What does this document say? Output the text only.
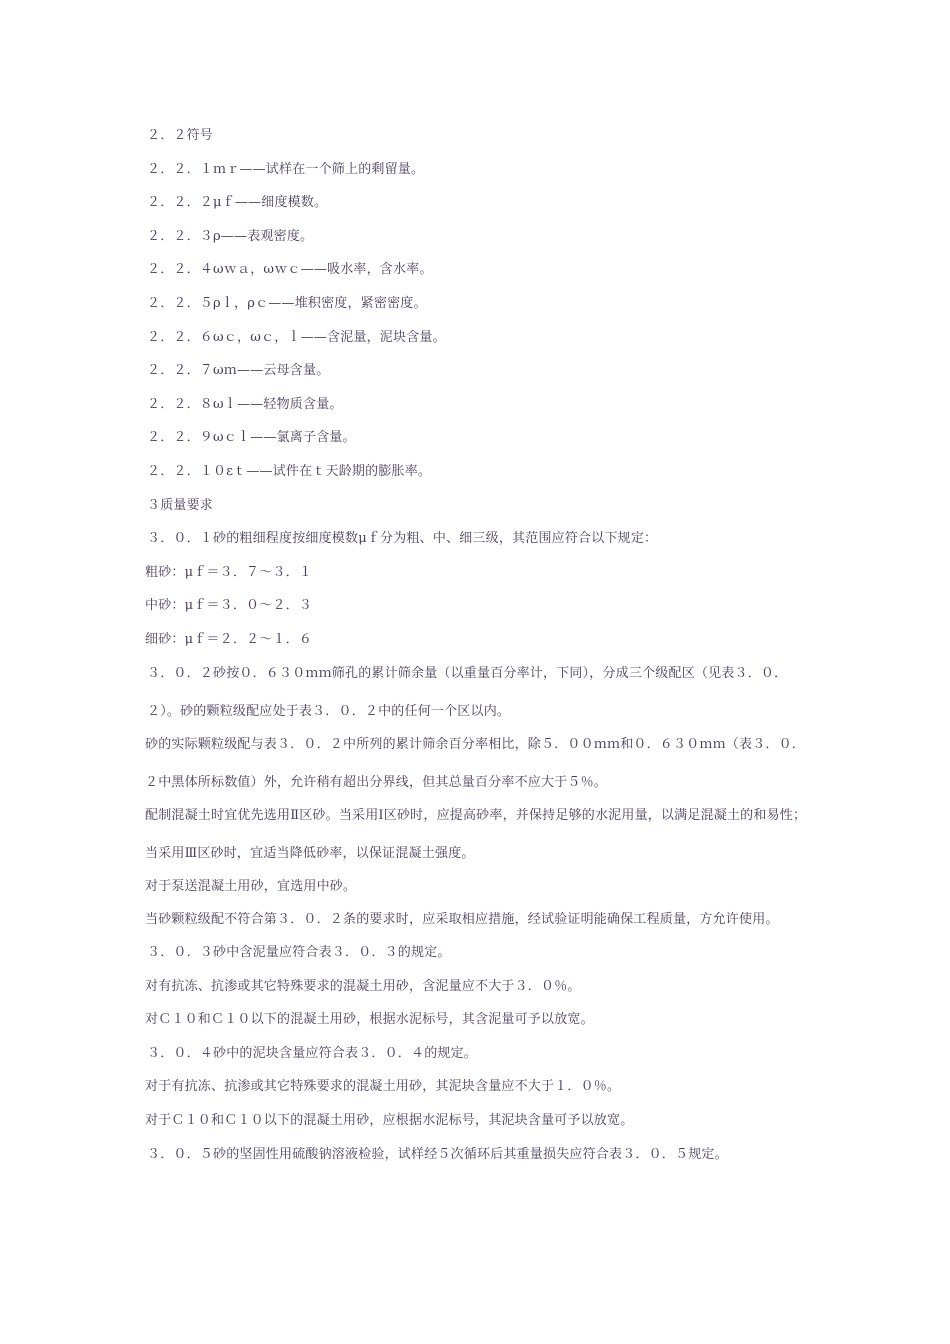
２．２符号

２．２．１ｍｒ——试样在一个筛上的剩留量。

２．２．２μｆ——细度模数。

２．２．３ρ——表观密度。

２．２．４ωｗａ，ωｗｃ——吸水率，含水率。

２．２．５ρｌ，ρｃ——堆积密度，紧密密度。

２．２．６ωｃ，ωｃ，ｌ——含泥量，泥块含量。

２．２．７ωｍ——云母含量。

２．２．８ωｌ——轻物质含量。

２．２．９ωｃｌ——氯离子含量。

２．２．１０εｔ——试件在ｔ天龄期的膨胀率。

３质量要求

３．０．１砂的粗细程度按细度模数μｆ分为粗、中、细三级，其范围应符合以下规定：

粗砂：μｆ＝３．７～３．１

中砂：μｆ＝３．０～２．３

细砂：μｆ＝２．２～１．６

３．０．２砂按０．６３０ｍｍ筛孔的累计筛余量（以重量百分率计，下同），分成三个级配区（见表３．０．２）。砂的颗粒级配应处于表３．０．２中的任何一个区以内。

砂的实际颗粒级配与表３．０．２中所列的累计筛余百分率相比，除５．００ｍｍ和０．６３０ｍｍ（表３．０．２中黑体所标数值）外，允许稍有超出分界线，但其总量百分率不应大于５％。

配制混凝土时宜优先选用Ⅱ区砂。当采用Ⅰ区砂时，应提高砂率，并保持足够的水泥用量，以满足混凝土的和易性；当采用Ⅲ区砂时，宜适当降低砂率，以保证混凝土强度。

对于泵送混凝土用砂，宜选用中砂。

当砂颗粒级配不符合第３．０．２条的要求时，应采取相应措施，经试验证明能确保工程质量，方允许使用。

３．０．３砂中含泥量应符合表３．０．３的规定。

对有抗冻、抗渗或其它特殊要求的混凝土用砂，含泥量应不大于３．０％。

对Ｃ１０和Ｃ１０以下的混凝土用砂，根据水泥标号，其含泥量可予以放宽。

３．０．４砂中的泥块含量应符合表３．０．４的规定。

对于有抗冻、抗渗或其它特殊要求的混凝土用砂，其泥块含量应不大于１．０％。

对于Ｃ１０和Ｃ１０以下的混凝土用砂，应根据水泥标号，其泥块含量可予以放宽。

３．０．５砂的坚固性用硫酸钠溶液检验，试样经５次循环后其重量损失应符合表３．０．５规定。
